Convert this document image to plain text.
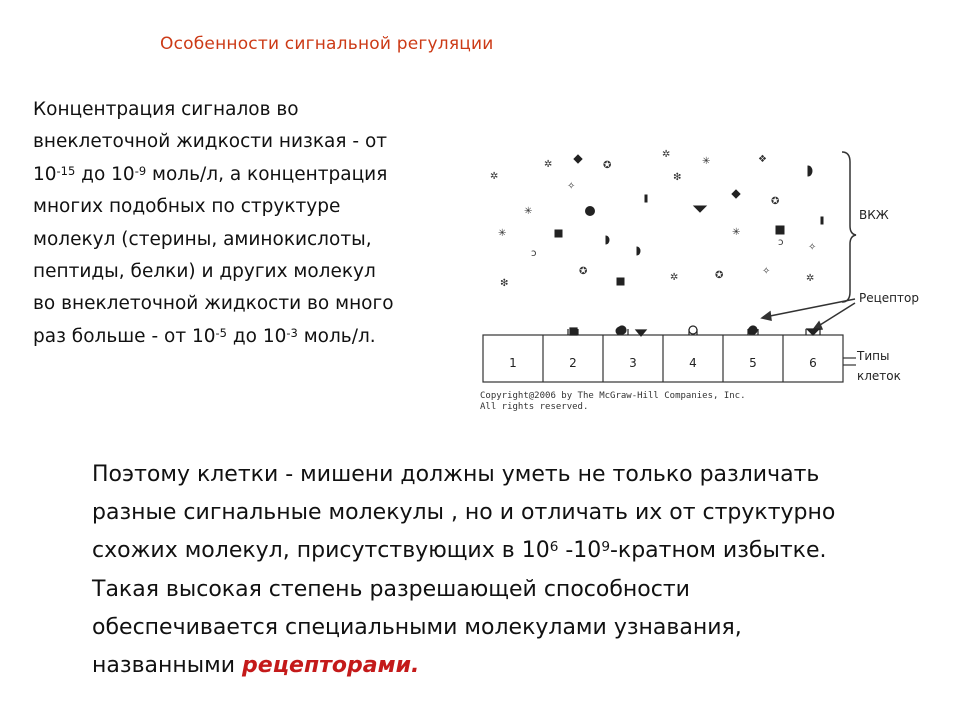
Особенности сигнальной регуляции
Концентрация сигналов во
внеклеточной жидкости низкая - от
$10^{-15}$ до $10^{-9}$ моль/л, а концентрация
многих подобных по структуре
молекул (стерины, аминокислоты,
пептиды, белки) и других молекул
во внеклеточной жидкости во много
раз больше - от $10^{-5}$ до $10^{-3}$ моль/л.
✲	✪
✲
✳	❖
✲	❇
✧
✪
✳
✳	✳
✧
ↄ
ↄ
✪
✲	✪	✧
✲
❇
ВКЖ
Рецептор
1	2	3	4	5	6	Типы
клеток
Copyright@2006 by The McGraw-Hill Companies, Inc.
All rights reserved.
Поэтому клетки - мишени должны уметь не только различать
разные сигнальные молекулы , но и отличать их от структурно
схожих молекул, присутствующих в $10^6$ $-10^9$-кратном избытке.
Такая высокая степень разрешающей способности
обеспечивается специальными молекулами узнавания,
названными рецепторами.
